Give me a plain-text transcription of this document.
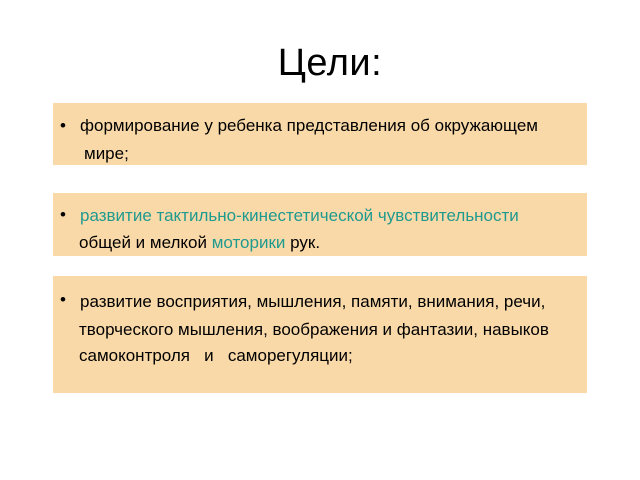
Цели:
• формирование у ребенка представления об окружающем
мире;
• развитие тактильно-кинестетической чувствительности
общей и мелкой моторики рук.
• развитие восприятия, мышления, памяти, внимания, речи,
творческого мышления, воображения и фантазии, навыков
самоконтроля   и   саморегуляции;
